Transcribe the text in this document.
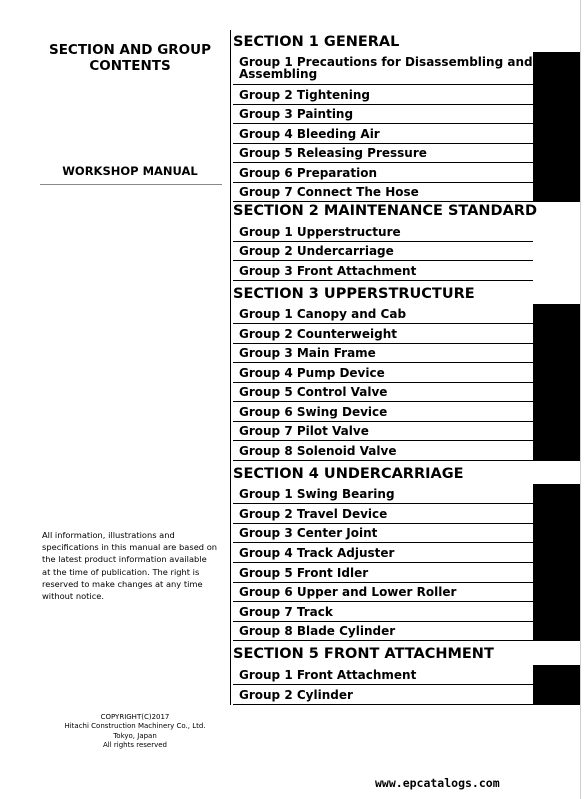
SECTION AND GROUP
CONTENTS
WORKSHOP MANUAL
All information, illustrations and
specifications in this manual are based on
the latest product information available
at the time of publication. The right is
reserved to make changes at any time
without notice.
COPYRIGHT(C)2017
Hitachi Construction Machinery Co., Ltd.
Tokyo, Japan
All rights reserved
SECTION 1 GENERAL
Group 1 Precautions for Disassembling and
Assembling
Group 2 Tightening
Group 3 Painting
Group 4 Bleeding Air
Group 5 Releasing Pressure
Group 6 Preparation
Group 7 Connect The Hose
SECTION 2 MAINTENANCE STANDARD
Group 1 Upperstructure
Group 2 Undercarriage
Group 3 Front Attachment
SECTION 3 UPPERSTRUCTURE
Group 1 Canopy and Cab
Group 2 Counterweight
Group 3 Main Frame
Group 4 Pump Device
Group 5 Control Valve
Group 6 Swing Device
Group 7 Pilot Valve
Group 8 Solenoid Valve
SECTION 4 UNDERCARRIAGE
Group 1 Swing Bearing
Group 2 Travel Device
Group 3 Center Joint
Group 4 Track Adjuster
Group 5 Front Idler
Group 6 Upper and Lower Roller
Group 7 Track
Group 8 Blade Cylinder
SECTION 5 FRONT ATTACHMENT
Group 1 Front Attachment
Group 2 Cylinder
www.epcatalogs.com
